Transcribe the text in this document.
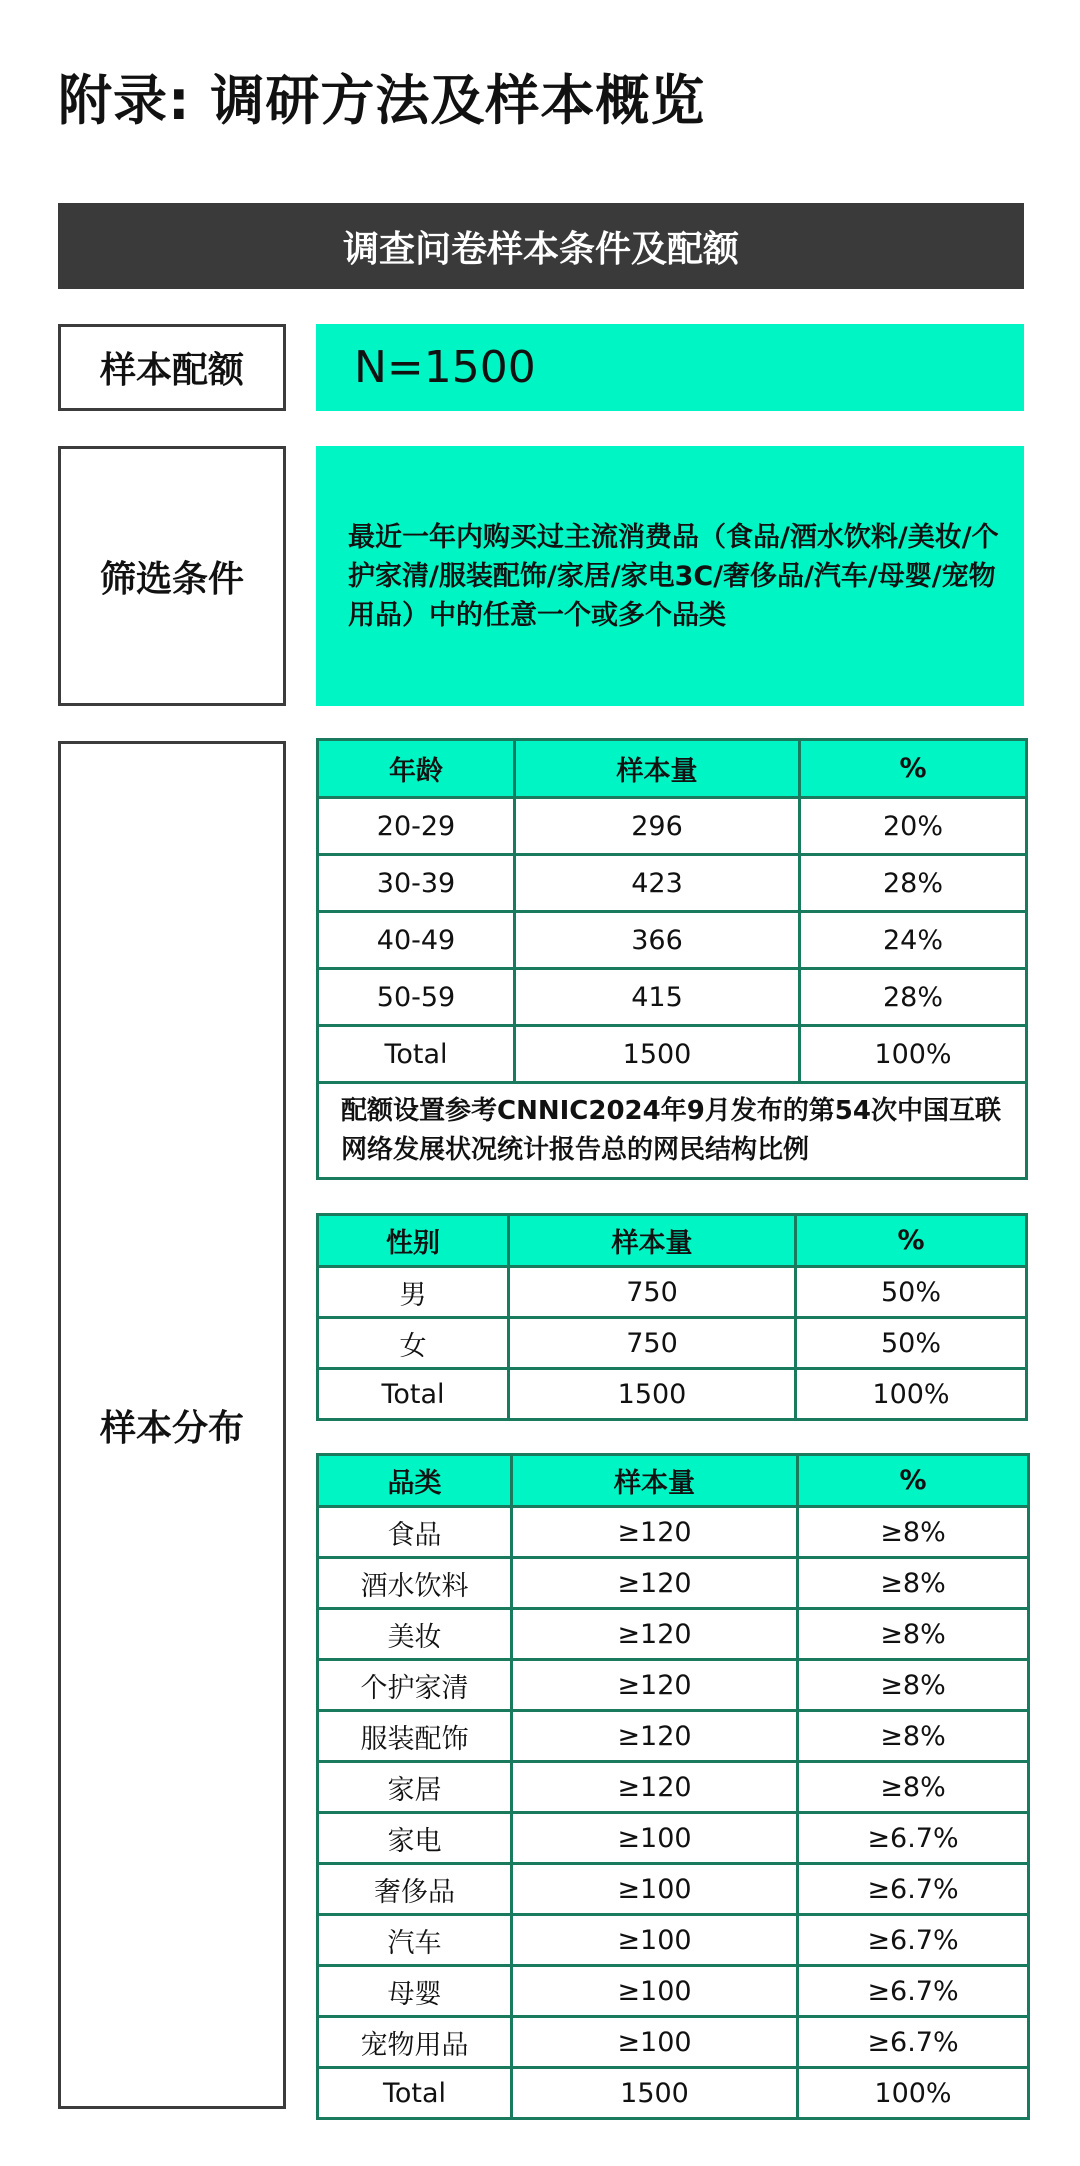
附录: 调研方法及样本概览
调查问卷样本条件及配额
样本配额	N=1500
筛选条件
最近一年内购买过主流消费品（食品/酒水饮料/美妆/个护家清/服装配饰/家居/家电3C/奢侈品/汽车/母婴/宠物用品）中的任意一个或多个品类
样本分布
年龄	样本量	%
20-29	296	20%
30-39	423	28%
40-49	366	24%
50-59	415	28%
Total	1500	100%
配额设置参考CNNIC2024年9月发布的第54次中国互联网络发展状况统计报告总的网民结构比例		
性别	样本量	%
男	750	50%
女	750	50%
Total	1500	100%
品类	样本量	%
食品	≥120	≥8%
酒水饮料	≥120	≥8%
美妆	≥120	≥8%
个护家清	≥120	≥8%
服装配饰	≥120	≥8%
家居	≥120	≥8%
家电	≥100	≥6.7%
奢侈品	≥100	≥6.7%
汽车	≥100	≥6.7%
母婴	≥100	≥6.7%
宠物用品	≥100	≥6.7%
Total	1500	100%
